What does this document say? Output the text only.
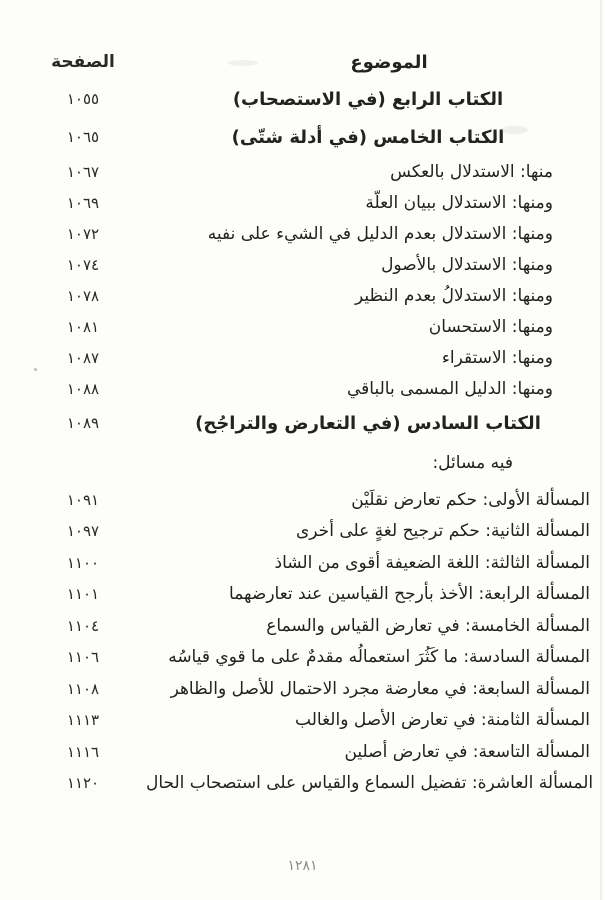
الصفحة	الموضوع
١٠٥٥	الكتاب الرابع (في الاستصحاب)
١٠٦٥	الكتاب الخامس (في أدلة شتّى)
١٠٦٧	منها: الاستدلال بالعكس
١٠٦٩	ومنها: الاستدلال ببيان العلّة
١٠٧٢	ومنها: الاستدلال بعدم الدليل في الشيء على نفيه
١٠٧٤	ومنها: الاستدلال بالأصول
١٠٧٨	ومنها: الاستدلالُ بعدم النظير
١٠٨١	ومنها: الاستحسان
١٠٨٧	ومنها: الاستقراء
١٠٨٨	ومنها: الدليل المسمى بالباقي
١٠٨٩	الكتاب السادس (في التعارض والتراجُح)
فيه مسائل:
١٠٩١	المسألة الأولى: حكم تعارض نقلَيْن
١٠٩٧	المسألة الثانية: حكم ترجيح لغةٍ على أخرى
١١٠٠	المسألة الثالثة: اللغة الضعيفة أقوى من الشاذ
١١٠١	المسألة الرابعة: الأخذ بأرجح القياسين عند تعارضهما
١١٠٤	المسألة الخامسة: في تعارض القياس والسماع
١١٠٦	المسألة السادسة: ما كَثُرَ استعمالُه مقدمٌ على ما قوي قياسُه
١١٠٨	المسألة السابعة: في معارضة مجرد الاحتمال للأصل والظاهر
١١١٣	المسألة الثامنة: في تعارض الأصل والغالب
١١١٦	المسألة التاسعة: في تعارض أصلين
١١٢٠	المسألة العاشرة: تفضيل السماع والقياس على استصحاب الحال
١٢٨١
